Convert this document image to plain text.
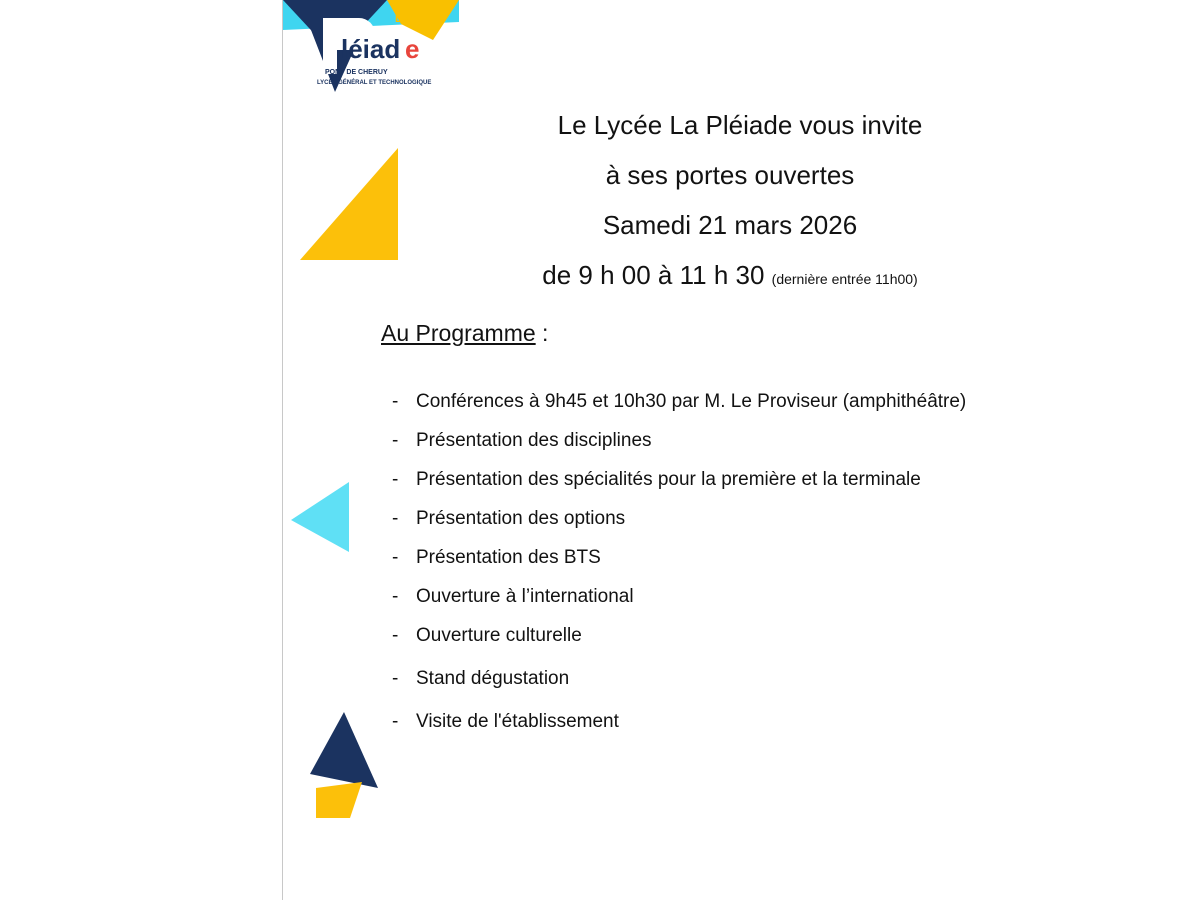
La
léiad e
PONT DE CHERUY
LYCÉE GÉNÉRAL ET TECHNOLOGIQUE
Le Lycée La Pléiade vous invite
à ses portes ouvertes
Samedi 21 mars 2026
de 9 h 00 à 11 h 30 (dernière entrée 11h00)
Au Programme :
- Conférences à 9h45 et 10h30 par M. Le Proviseur (amphithéâtre)
- Présentation des disciplines
- Présentation des spécialités pour la première et la terminale
- Présentation des options
- Présentation des BTS
- Ouverture à l’international
- Ouverture culturelle
- Stand dégustation
- Visite de l'établissement
